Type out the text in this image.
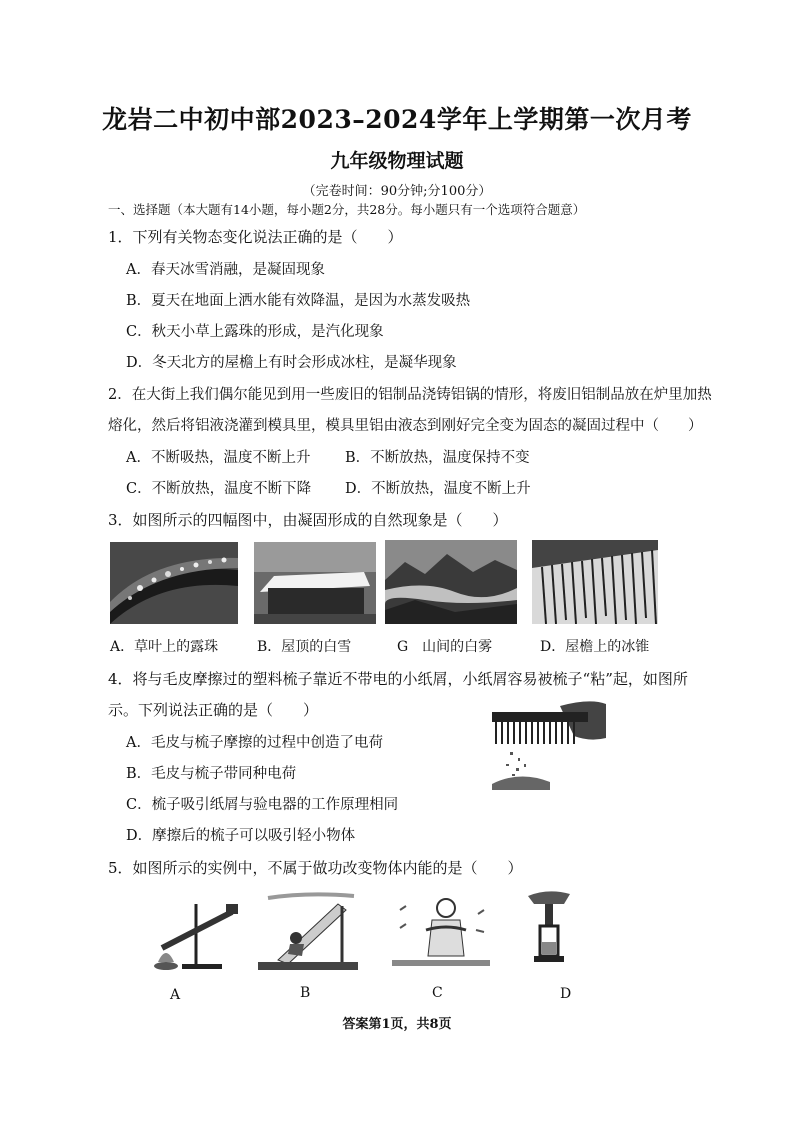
龙岩二中初中部2023–2024学年上学期第一次月考
九年级物理试题
（完卷时间：90分钟;分100分）
一、选择题（本大题有14小题，每小题2分，共28分。每小题只有一个选项符合题意）
1．下列有关物态变化说法正确的是（　　）
A．春天冰雪消融，是凝固现象
B．夏天在地面上洒水能有效降温，是因为水蒸发吸热
C．秋天小草上露珠的形成，是汽化现象
D．冬天北方的屋檐上有时会形成冰柱，是凝华现象
2．在大街上我们偶尔能见到用一些废旧的铝制品浇铸铝锅的情形，将废旧铝制品放在炉里加热
熔化，然后将铝液浇灌到模具里，模具里铝由液态到刚好完全变为固态的凝固过程中（　　）
A．不断吸热，温度不断上升 B．不断放热，温度保持不变
C．不断放热，温度不断下降 D．不断放热，温度不断上升
3．如图所示的四幅图中，由凝固形成的自然现象是（　　）
A．草叶上的露珠	B．屋顶的白雪	G　山间的白雾	D．屋檐上的冰锥
4．将与毛皮摩擦过的塑料梳子靠近不带电的小纸屑，小纸屑容易被梳子“粘”起，如图所
示。下列说法正确的是（　　）
A．毛皮与梳子摩擦的过程中创造了电荷
B．毛皮与梳子带同种电荷
C．梳子吸引纸屑与验电器的工作原理相同
D．摩擦后的梳子可以吸引轻小物体
5．如图所示的实例中，不属于做功改变物体内能的是（　　）
A	B	C	D
答案第1页，共8页
